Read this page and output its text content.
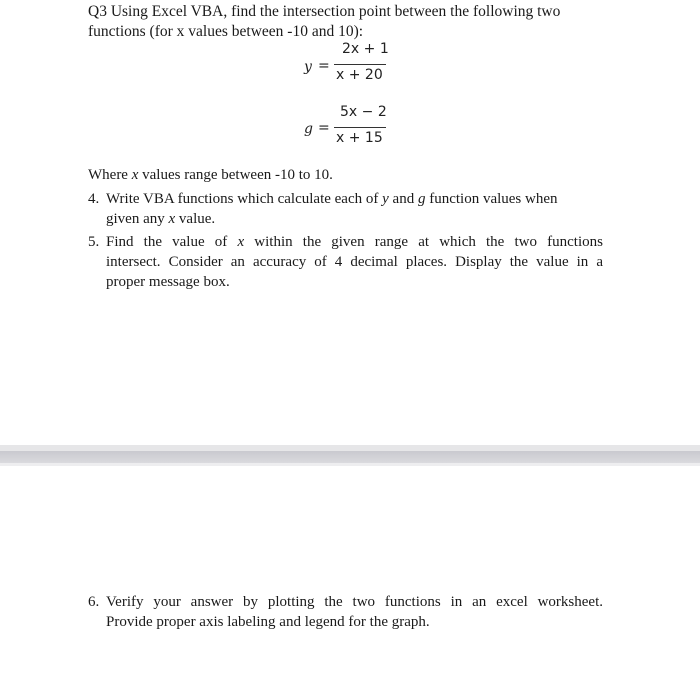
Q3 Using Excel VBA, find the intersection point between the following two
functions (for x values between -10 and 10):
y =
2x + 1
x + 20
g =
5x − 2
x + 15
Where x values range between -10 to 10.
4. Write VBA functions which calculate each of y and g function values when
given any x value.
5. Find the value of x within the given range at which the two functions
intersect. Consider an accuracy of 4 decimal places. Display the value in a
proper message box.
6. Verify your answer by plotting the two functions in an excel worksheet.
Provide proper axis labeling and legend for the graph.
